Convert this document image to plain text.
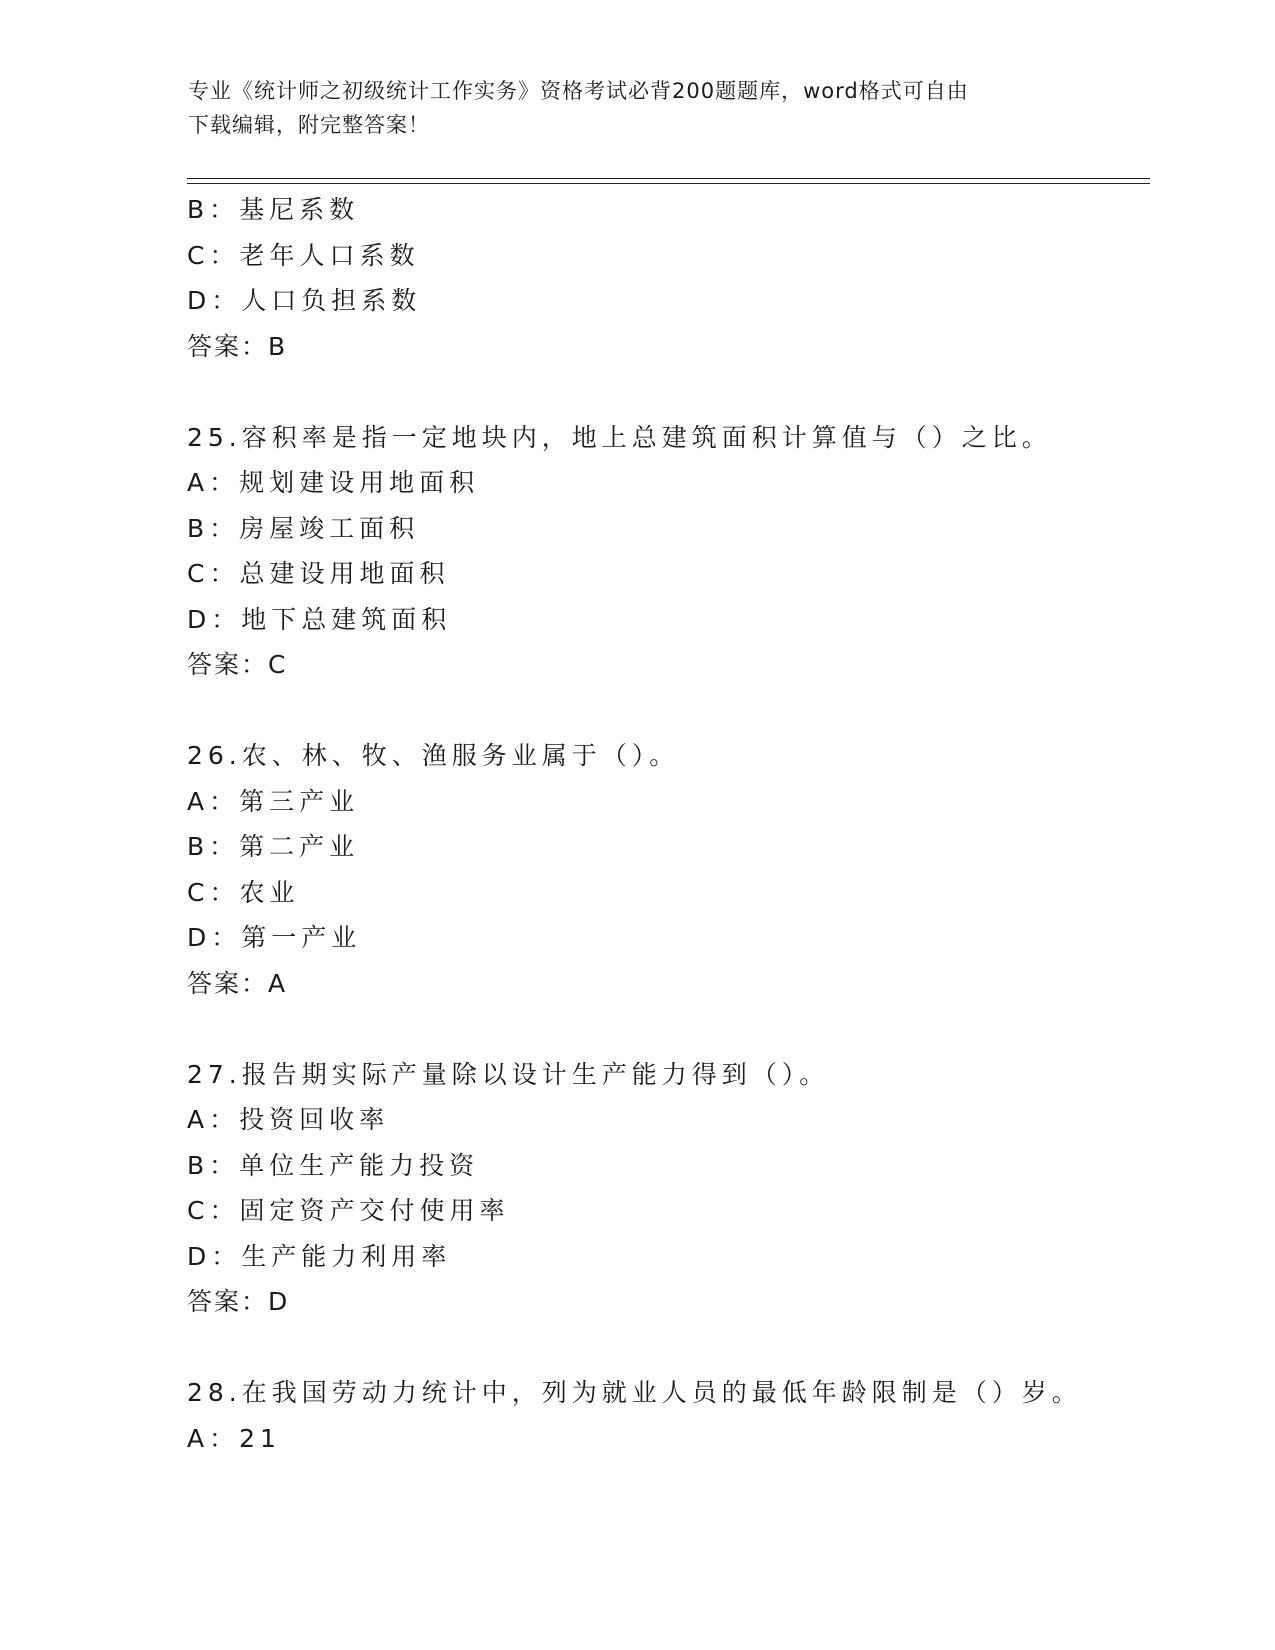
专业《统计师之初级统计工作实务》资格考试必背200题题库，word格式可自由
下载编辑，附完整答案！
B：基尼系数
C：老年人口系数
D：人口负担系数
答案：B
25.容积率是指一定地块内，地上总建筑面积计算值与（）之比。
A：规划建设用地面积
B：房屋竣工面积
C：总建设用地面积
D：地下总建筑面积
答案：C
26.农、林、牧、渔服务业属于（）。
A：第三产业
B：第二产业
C：农业
D：第一产业
答案：A
27.报告期实际产量除以设计生产能力得到（）。
A：投资回收率
B：单位生产能力投资
C：固定资产交付使用率
D：生产能力利用率
答案：D
28.在我国劳动力统计中，列为就业人员的最低年龄限制是（）岁。
A：21
